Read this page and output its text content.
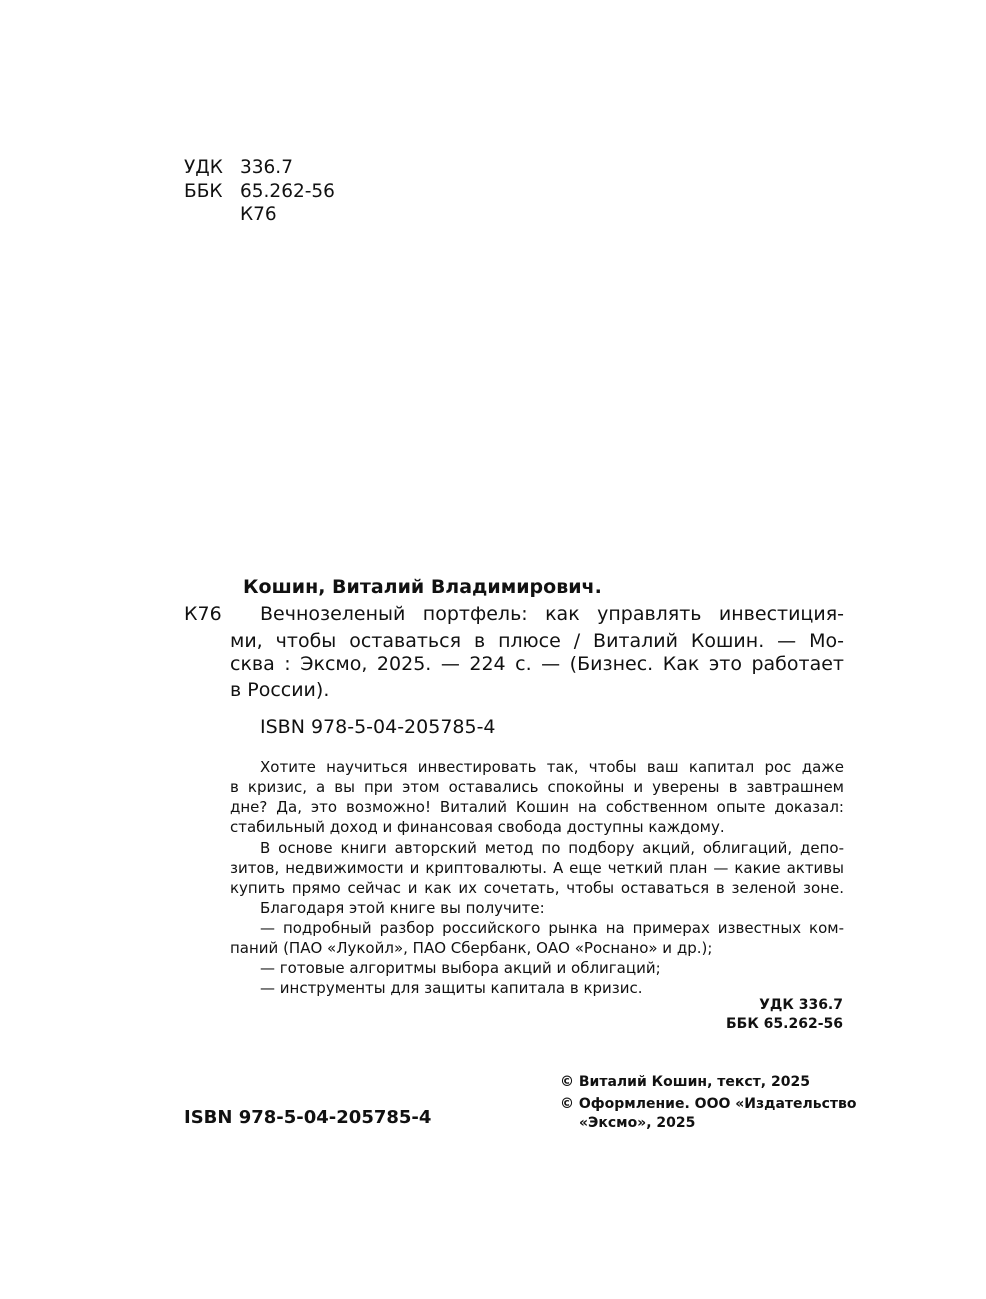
УДК 336.7
ББК 65.262-56
К76
Кошин, Виталий Владимирович.
К76 Вечнозеленый портфель: как управлять инвестиция-
ми, чтобы оставаться в плюсе / Виталий Кошин. — Мо-
сква : Эксмо, 2025. — 224 с. — (Бизнес. Как это работает
в России).
ISBN 978-5-04-205785-4
Хотите научиться инвестировать так, чтобы ваш капитал рос даже
в кризис, а вы при этом оставались спокойны и уверены в завтрашнем
дне? Да, это возможно! Виталий Кошин на собственном опыте доказал:
стабильный доход и финансовая свобода доступны каждому.
В основе книги авторский метод по подбору акций, облигаций, депо-
зитов, недвижимости и криптовалюты. А еще четкий план — какие активы
купить прямо сейчас и как их сочетать, чтобы оставаться в зеленой зоне.
Благодаря этой книге вы получите:
— подробный разбор российского рынка на примерах известных ком-
паний (ПАО «Лукойл», ПАО Сбербанк, ОАО «Роснано» и др.);
— готовые алгоритмы выбора акций и облигаций;
— инструменты для защиты капитала в кризис.
УДК 336.7
ББК 65.262-56
ISBN 978-5-04-205785-4
© Виталий Кошин, текст, 2025
© Оформление. ООО «Издательство
«Эксмо», 2025
